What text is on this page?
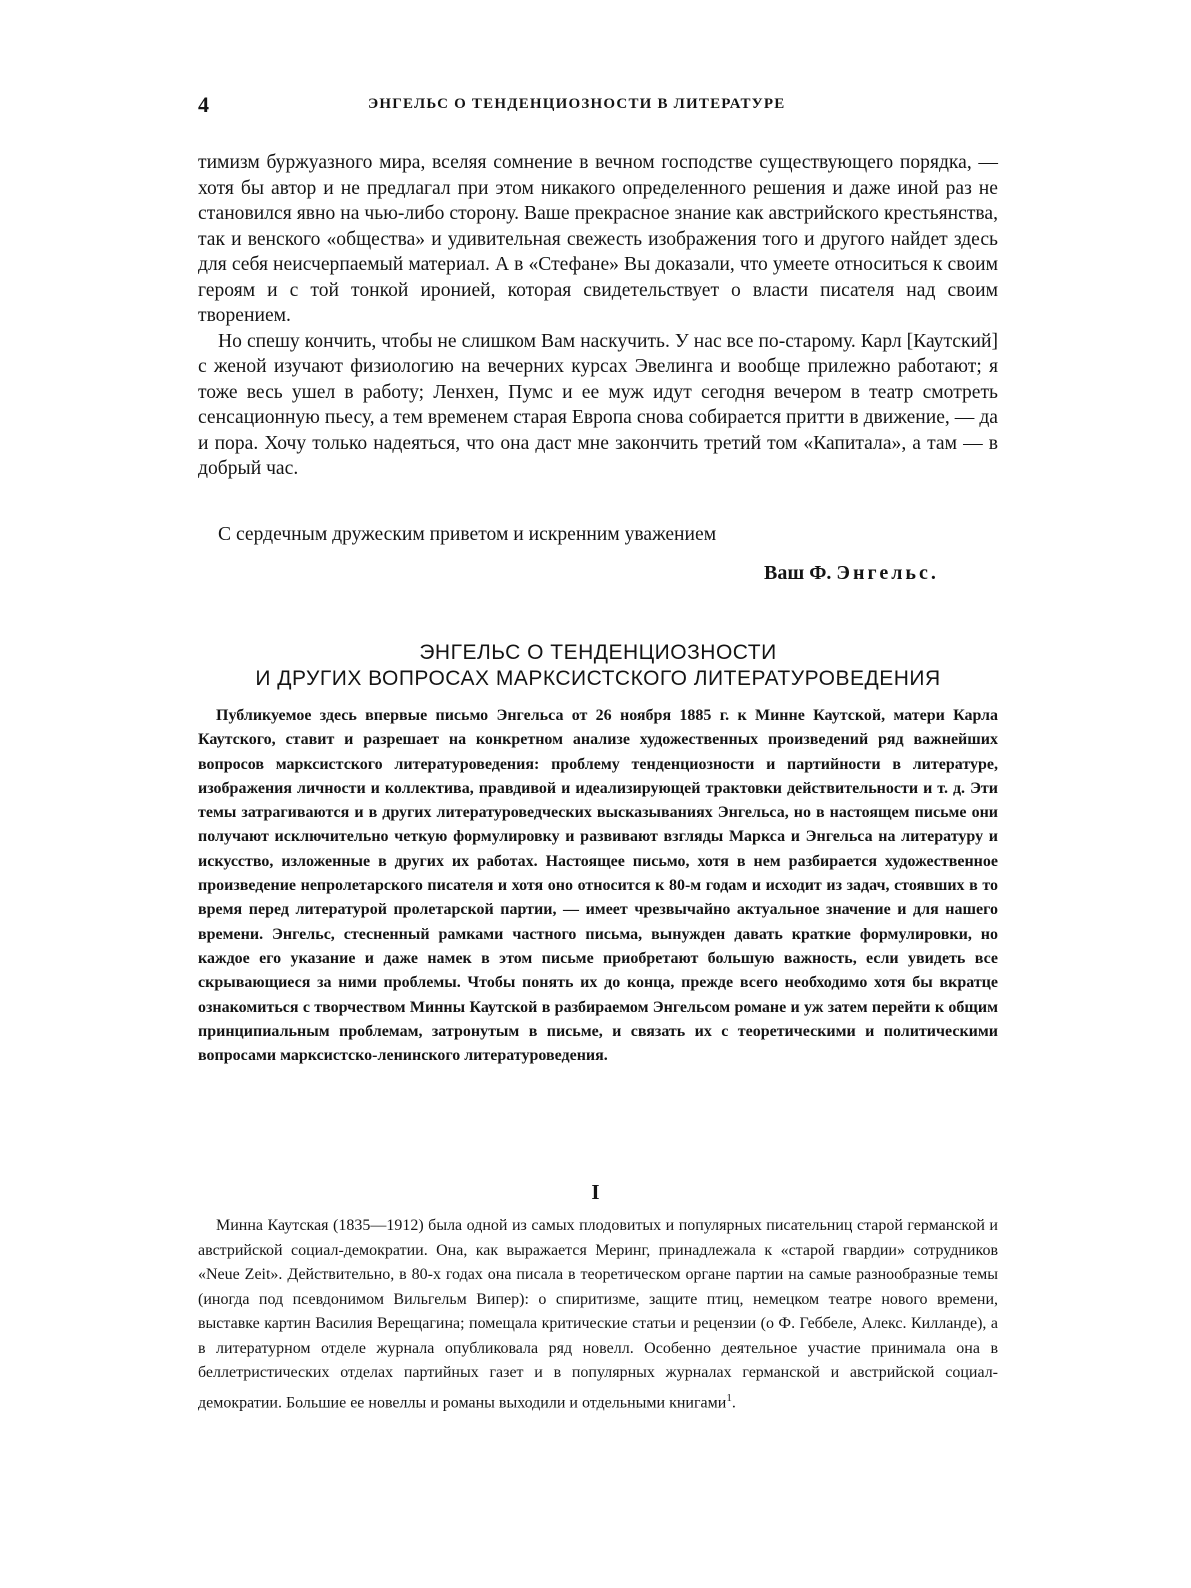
4	ЭНГЕЛЬС О ТЕНДЕНЦИОЗНОСТИ В ЛИТЕРАТУРЕ

тимизм буржуазного мира, вселяя сомнение в вечном господстве существующего порядка, — хотя бы автор и не предлагал при этом никакого определенного решения и даже иной раз не становился явно на чью-либо сторону. Ваше прекрасное знание как австрийского крестьянства, так и венского «общества» и удивительная свежесть изображения того и другого найдет здесь для себя неисчерпаемый материал. А в «Стефане» Вы доказали, что умеете относиться к своим героям и с той тонкой иронией, которая свидетельствует о власти писателя над своим творением.

Но спешу кончить, чтобы не слишком Вам наскучить. У нас все по-старому. Карл [Каутский] с женой изучают физиологию на вечерних курсах Эвелинга и вообще прилежно работают; я тоже весь ушел в работу; Ленхен, Пумс и ее муж идут сегодня вечером в театр смотреть сенсационную пьесу, а тем временем старая Европа снова собирается притти в движение, — да и пора. Хочу только надеяться, что она даст мне закончить третий том «Капитала», а там — в добрый час.

С сердечным дружеским приветом и искренним уважением
Ваш Ф. Энгельс.
ЭНГЕЛЬС О ТЕНДЕНЦИОЗНОСТИ
И ДРУГИХ ВОПРОСАХ МАРКСИСТСКОГО ЛИТЕРАТУРОВЕДЕНИЯ

Публикуемое здесь впервые письмо Энгельса от 26 ноября 1885 г. к Минне Каутской, матери Карла Каутского, ставит и разрешает на конкретном анализе художественных произведений ряд важнейших вопросов марксистского литературоведения: проблему тенденциозности и партийности в литературе, изображения личности и коллектива, правдивой и идеализирующей трактовки действительности и т. д. Эти темы затрагиваются и в других литературоведческих высказываниях Энгельса, но в настоящем письме они получают исключительно четкую формулировку и развивают взгляды Маркса и Энгельса на литературу и искусство, изложенные в других их работах. Настоящее письмо, хотя в нем разбирается художественное произведение непролетарского писателя и хотя оно относится к 80-м годам и исходит из задач, стоявших в то время перед литературой пролетарской партии, — имеет чрезвычайно актуальное значение и для нашего времени. Энгельс, стесненный рамками частного письма, вынужден давать краткие формулировки, но каждое его указание и даже намек в этом письме приобретают большую важность, если увидеть все скрывающиеся за ними проблемы. Чтобы понять их до конца, прежде всего необходимо хотя бы вкратце ознакомиться с творчеством Минны Каутской в разбираемом Энгельсом романе и уж затем перейти к общим принципиальным проблемам, затронутым в письме, и связать их с теоретическими и политическими вопросами марксистско-ленинского литературоведения.

I

Минна Каутская (1835—1912) была одной из самых плодовитых и популярных писательниц старой германской и австрийской социал-демократии. Она, как выражается Меринг, принадлежала к «старой гвардии» сотрудников «Neue Zeit». Действительно, в 80-х годах она писала в теоретическом органе партии на самые разнообразные темы (иногда под псевдонимом Вильгельм Випер): о спиритизме, защите птиц, немецком театре нового времени, выставке картин Василия Верещагина; помещала критические статьи и рецензии (о Ф. Геббеле, Алекс. Килланде), а в литературном отделе журнала опубликовала ряд новелл. Особенно деятельное участие принимала она в беллетристических отделах партийных газет и в популярных журналах германской и австрийской социал-демократии. Большие ее новеллы и романы выходили и отдельными книгами$^1$.
